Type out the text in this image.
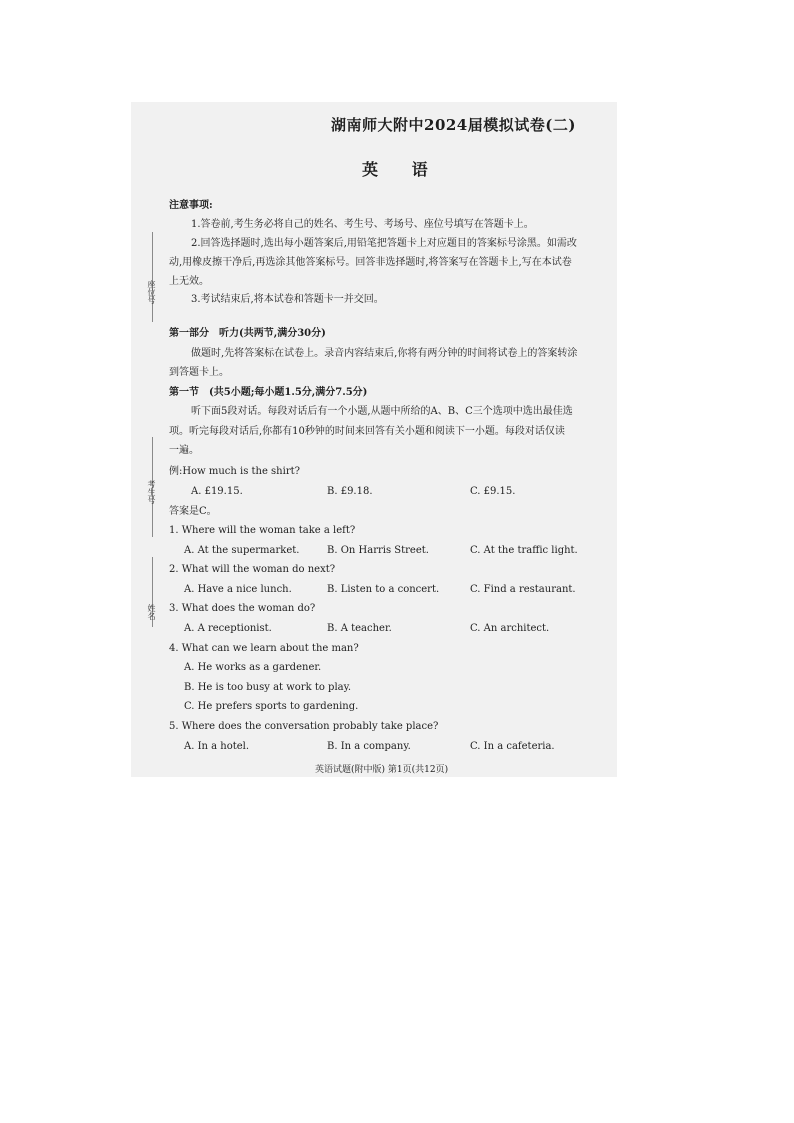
座位号
考生号
姓名
湖南师大附中2024届模拟试卷(二)
英 语
注意事项:
1.答卷前,考生务必将自己的姓名、考生号、考场号、座位号填写在答题卡上。
2.回答选择题时,选出每小题答案后,用铅笔把答题卡上对应题目的答案标号涂黑。如需改
动,用橡皮擦干净后,再选涂其他答案标号。回答非选择题时,将答案写在答题卡上,写在本试卷
上无效。
3.考试结束后,将本试卷和答题卡一并交回。
第一部分　听力(共两节,满分30分)
做题时,先将答案标在试卷上。录音内容结束后,你将有两分钟的时间将试卷上的答案转涂
到答题卡上。
第一节　(共5小题;每小题1.5分,满分7.5分)
听下面5段对话。每段对话后有一个小题,从题中所给的A、B、C三个选项中选出最佳选
项。听完每段对话后,你都有10秒钟的时间来回答有关小题和阅读下一小题。每段对话仅读
一遍。
例:How much is the shirt?
A. £19.15.	B. £9.18.	C. £9.15.
答案是C。
1. Where will the woman take a left?
A. At the supermarket.	B. On Harris Street.	C. At the traffic light.
2. What will the woman do next?
A. Have a nice lunch.	B. Listen to a concert.	C. Find a restaurant.
3. What does the woman do?
A. A receptionist.	B. A teacher.	C. An architect.
4. What can we learn about the man?
A. He works as a gardener.
B. He is too busy at work to play.
C. He prefers sports to gardening.
5. Where does the conversation probably take place?
A. In a hotel.	B. In a company.	C. In a cafeteria.
英语试题(附中版) 第1页(共12页)
